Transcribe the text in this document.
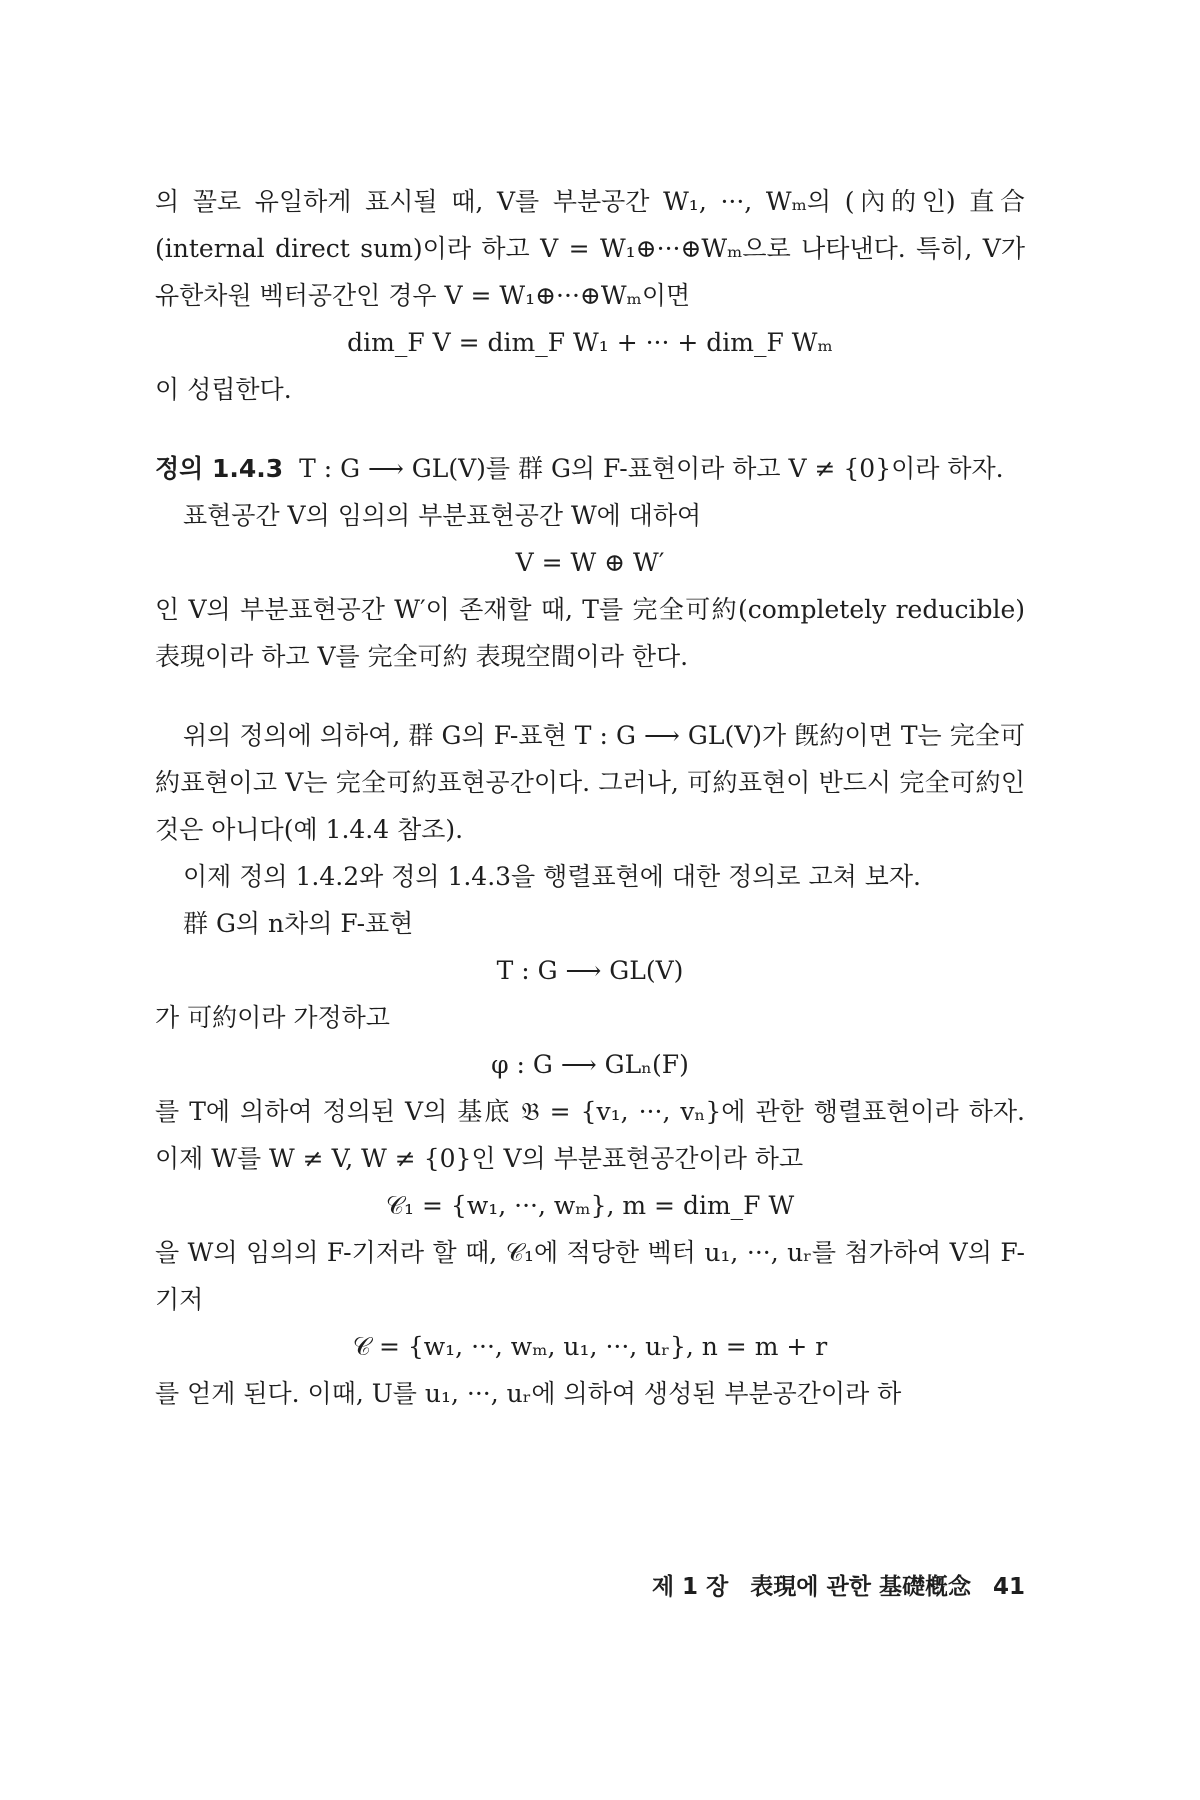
의 꼴로 유일하게 표시될 때, V를 부분공간 W₁, ···, Wₘ의 (內的인) 直合(internal direct sum)이라 하고 V = W₁⊕···⊕Wₘ으로 나타낸다. 특히, V가 유한차원 벡터공간인 경우 V = W₁⊕···⊕Wₘ이면

dim_F V = dim_F W₁ + ··· + dim_F Wₘ

이 성립한다.

정의 1.4.3 T : G ⟶ GL(V)를 群 G의 F-표현이라 하고 V ≠ {0}이라 하자.

표현공간 V의 임의의 부분표현공간 W에 대하여

V = W ⊕ W′

인 V의 부분표현공간 W′이 존재할 때, T를 完全可約(completely reducible) 表現이라 하고 V를 完全可約 表現空間이라 한다.

위의 정의에 의하여, 群 G의 F-표현 T : G ⟶ GL(V)가 旣約이면 T는 完全可約표현이고 V는 完全可約표현공간이다. 그러나, 可約표현이 반드시 完全可約인 것은 아니다(예 1.4.4 참조).

이제 정의 1.4.2와 정의 1.4.3을 행렬표현에 대한 정의로 고쳐 보자.

群 G의 n차의 F-표현

T : G ⟶ GL(V)

가 可約이라 가정하고

φ : G ⟶ GLₙ(F)

를 T에 의하여 정의된 V의 基底 𝔅 = {v₁, ···, vₙ}에 관한 행렬표현이라 하자. 이제 W를 W ≠ V, W ≠ {0}인 V의 부분표현공간이라 하고

𝒞₁ = {w₁, ···, wₘ}, m = dim_F W

을 W의 임의의 F-기저라 할 때, 𝒞₁에 적당한 벡터 u₁, ···, uᵣ를 첨가하여 V의 F-기저

𝒞 = {w₁, ···, wₘ, u₁, ···, uᵣ}, n = m + r

를 얻게 된다. 이때, U를 u₁, ···, uᵣ에 의하여 생성된 부분공간이라 하

제 1 장 表現에 관한 基礎槪念 41
